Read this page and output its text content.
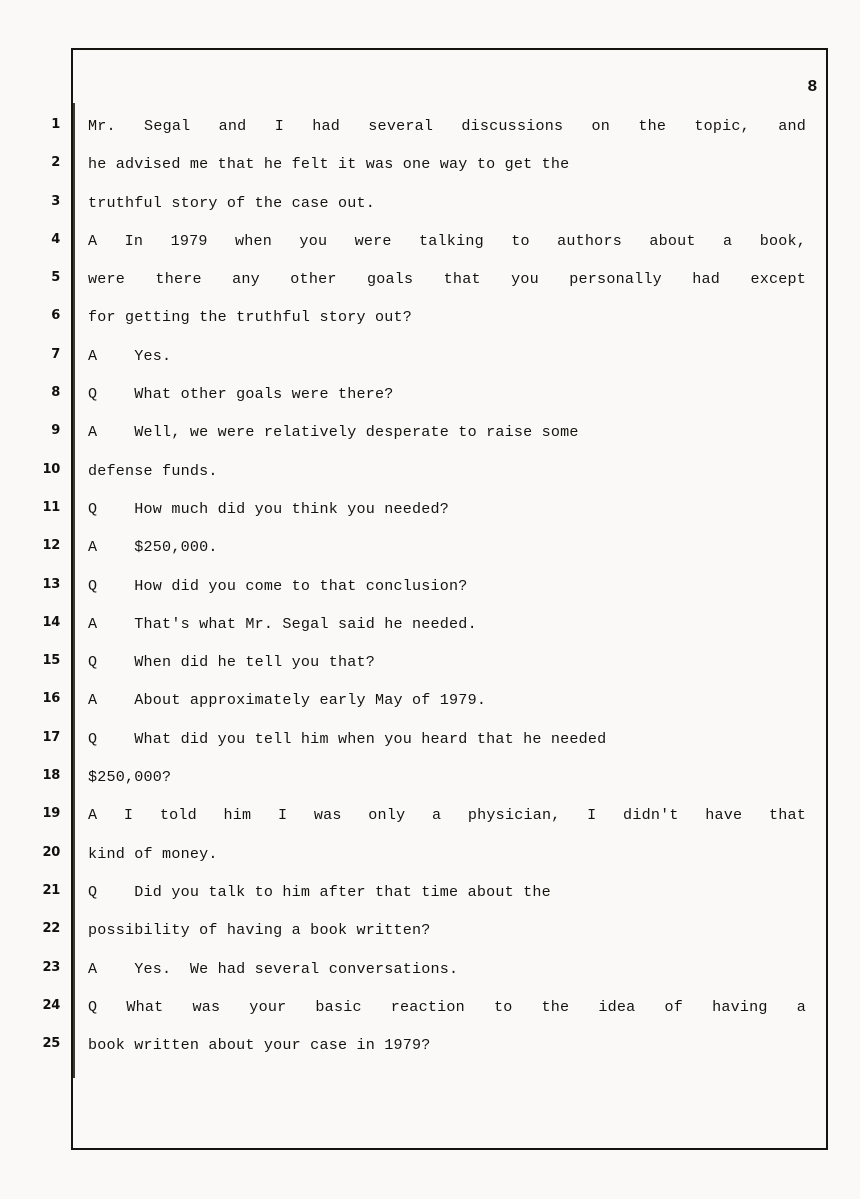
8
1 Mr. Segal and I had several discussions on the topic, and
2 he advised me that he felt it was one way to get the
3 truthful story of the case out.
4 A In 1979 when you were talking to authors about a book,
5 were there any other goals that you personally had except
6 for getting the truthful story out?
7 A    Yes.
8 Q    What other goals were there?
9 A    Well, we were relatively desperate to raise some
10 defense funds.
11 Q    How much did you think you needed?
12 A    $250,000.
13 Q    How did you come to that conclusion?
14 A    That's what Mr. Segal said he needed.
15 Q    When did he tell you that?
16 A    About approximately early May of 1979.
17 Q    What did you tell him when you heard that he needed
18 $250,000?
19 A I told him I was only a physician, I didn't have that
20 kind of money.
21 Q    Did you talk to him after that time about the
22 possibility of having a book written?
23 A    Yes.  We had several conversations.
24 Q What was your basic reaction to the idea of having a
25 book written about your case in 1979?
